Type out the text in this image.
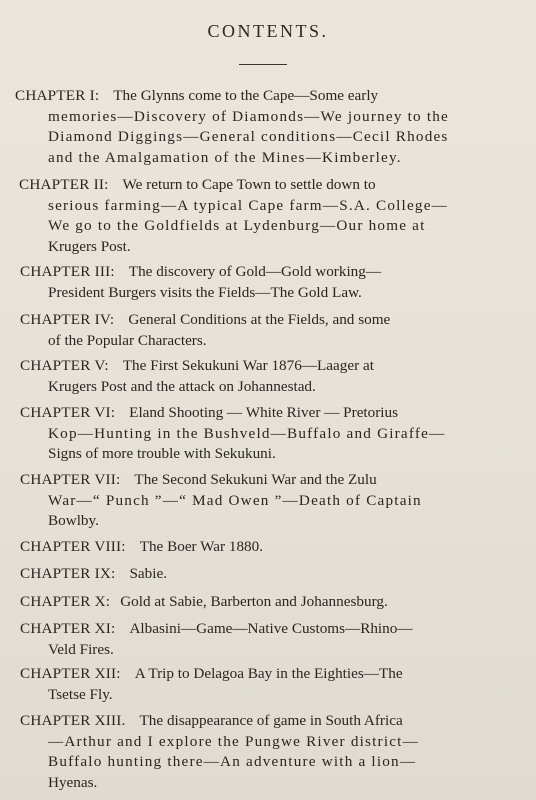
CONTENTS.
CHAPTER I: The Glynns come to the Cape—Some early
memories—Discovery of Diamonds—We journey to the
Diamond Diggings—General conditions—Cecil Rhodes
and the Amalgamation of the Mines—Kimberley.
CHAPTER II: We return to Cape Town to settle down to
serious farming—A typical Cape farm—S.A. College—
We go to the Goldfields at Lydenburg—Our home at
Krugers Post.
CHAPTER III: The discovery of Gold—Gold working—
President Burgers visits the Fields—The Gold Law.
CHAPTER IV: General Conditions at the Fields, and some
of the Popular Characters.
CHAPTER V: The First Sekukuni War 1876—Laager at
Krugers Post and the attack on Johannestad.
CHAPTER VI: Eland Shooting — White River — Pretorius
Kop—Hunting in the Bushveld—Buffalo and Giraffe—
Signs of more trouble with Sekukuni.
CHAPTER VII: The Second Sekukuni War and the Zulu
War—“ Punch ”—“ Mad Owen ”—Death of Captain
Bowlby.
CHAPTER VIII: The Boer War 1880.
CHAPTER IX: Sabie.
CHAPTER X: Gold at Sabie, Barberton and Johannesburg.
CHAPTER XI: Albasini—Game—Native Customs—Rhino—
Veld Fires.
CHAPTER XII: A Trip to Delagoa Bay in the Eighties—The
Tsetse Fly.
CHAPTER XIII. The disappearance of game in South Africa
—Arthur and I explore the Pungwe River district—
Buffalo hunting there—An adventure with a lion—
Hyenas.
